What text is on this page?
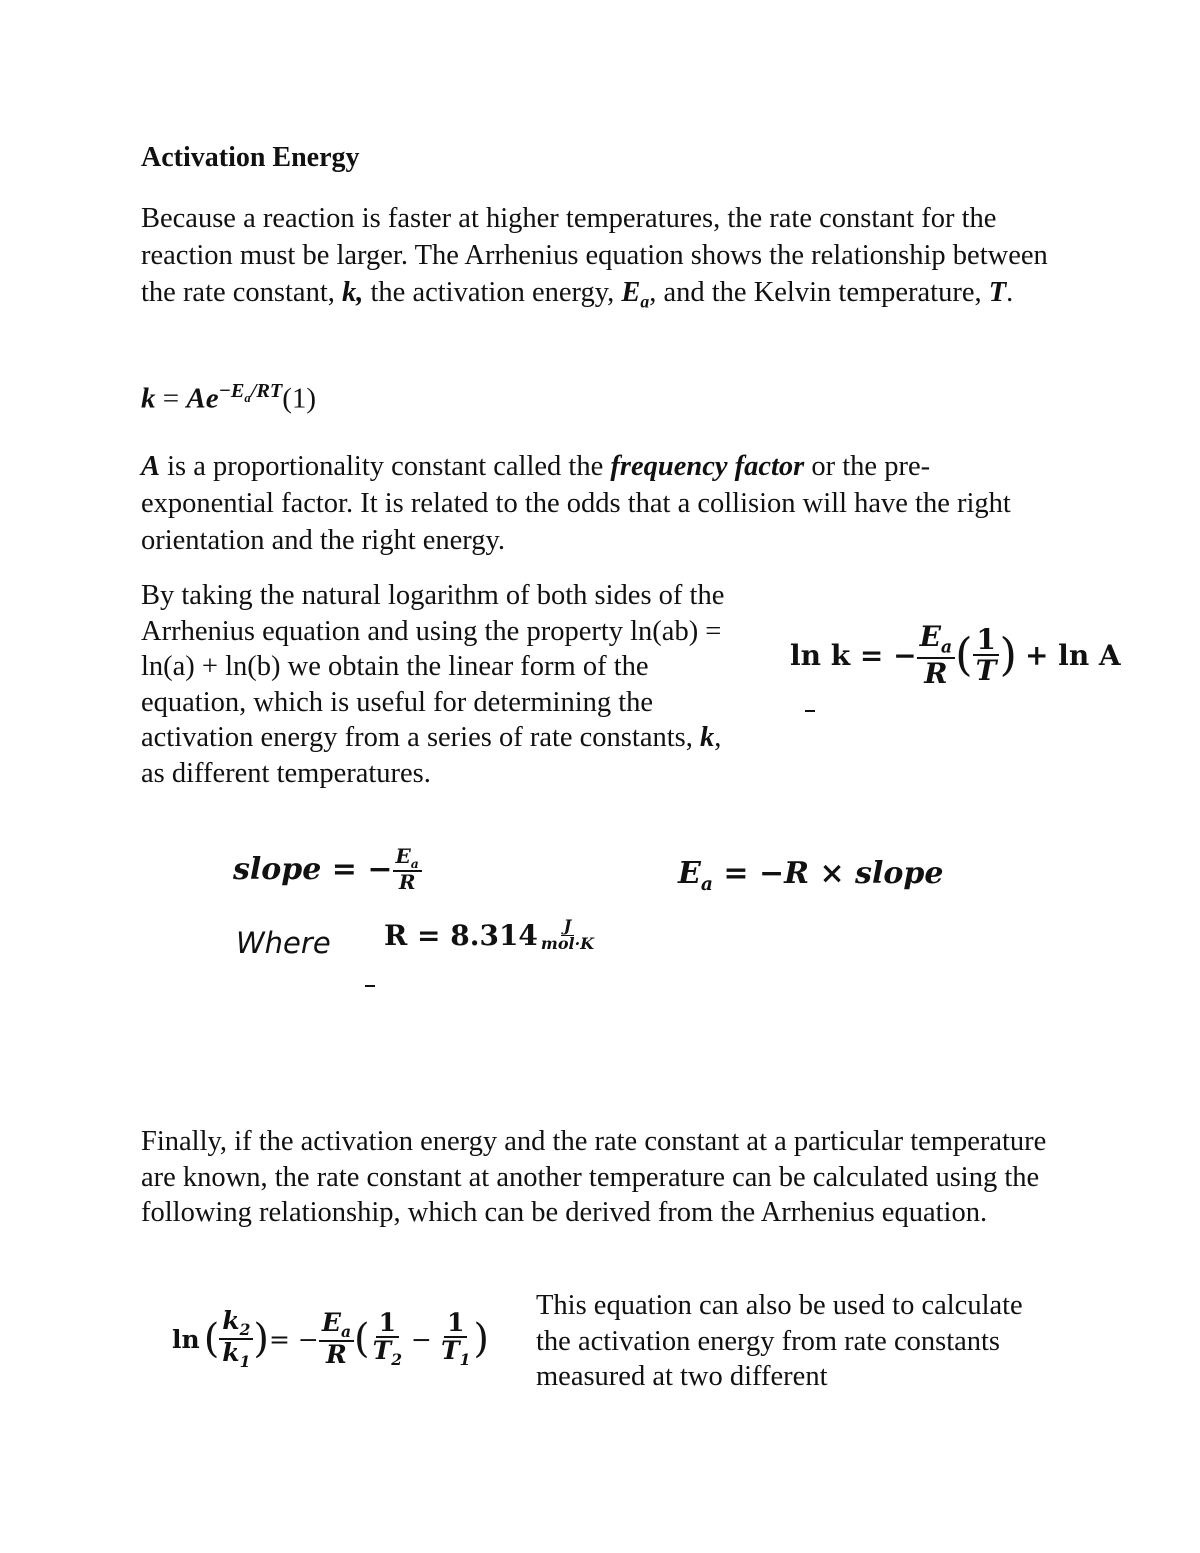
Activation Energy
Because a reaction is faster at higher temperatures, the rate constant for the reaction must be larger. The Arrhenius equation shows the relationship between the rate constant, k, the activation energy, $E_a$, and the Kelvin temperature, T.
$k = Ae^{-E_a/RT}(1)$
A is a proportionality constant called the frequency factor or the pre-exponential factor. It is related to the odds that a collision will have the right orientation and the right energy.
By taking the natural logarithm of both sides of the Arrhenius equation and using the property ln(ab) = ln(a) + ln(b) we obtain the linear form of the equation, which is useful for determining the activation energy from a series of rate constants, k, as different temperatures.
ln k = − $\frac{E_a}{R}$ ( $\frac{1}{T}$ ) + ln A
slope = − $\frac{E_a}{R}$	$E_a = -R$ × slope
Where $R = 8.314 \frac{J}{\text{mol·K}}$
Finally, if the activation energy and the rate constant at a particular temperature are known, the rate constant at another temperature can be calculated using the following relationship, which can be derived from the Arrhenius equation.
ln ( $\frac{k_2}{k_1}$ ) = − $\frac{E_a}{R}$ ( $\frac{1}{T_2} - \frac{1}{T_1}$ )
This equation can also be used to calculate the activation energy from rate constants measured at two different
